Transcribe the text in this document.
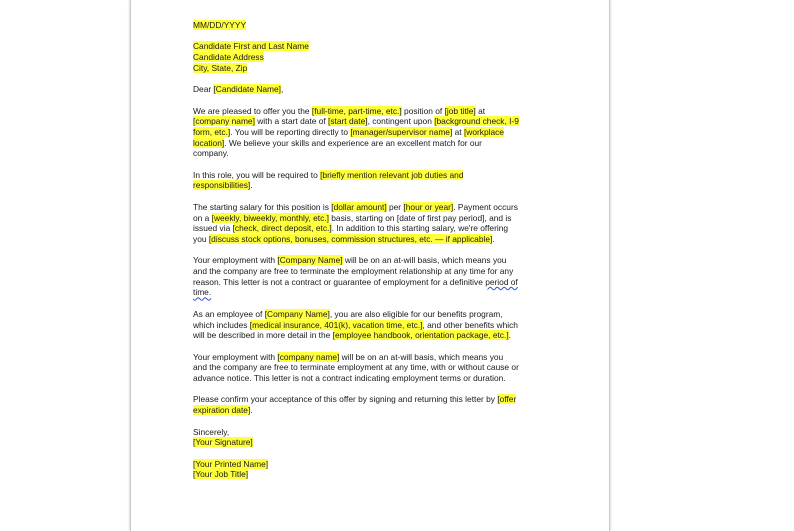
MM/DD/YYYY

Candidate First and Last Name

Candidate Address

City, State, Zip

Dear [Candidate Name],

We are pleased to offer you the [full-time, part-time, etc.] position of [job title] at

[company name] with a start date of [start date], contingent upon [background check, I-9

form, etc.]. You will be reporting directly to [manager/supervisor name] at [workplace

location]. We believe your skills and experience are an excellent match for our

company.

In this role, you will be required to [briefly mention relevant job duties and

responsibilities].

The starting salary for this position is [dollar amount] per [hour or year]. Payment occurs

on a [weekly, biweekly, monthly, etc.] basis, starting on [date of first pay period], and is

issued via [check, direct deposit, etc.]. In addition to this starting salary, we're offering

you [discuss stock options, bonuses, commission structures, etc. — if applicable].

Your employment with [Company Name] will be on an at-will basis, which means you

and the company are free to terminate the employment relationship at any time for any

reason. This letter is not a contract or guarantee of employment for a definitive period of

time.

As an employee of [Company Name], you are also eligible for our benefits program,

which includes [medical insurance, 401(k), vacation time, etc.], and other benefits which

will be described in more detail in the [employee handbook, orientation package, etc.].

Your employment with [company name] will be on an at-will basis, which means you

and the company are free to terminate employment at any time, with or without cause or

advance notice. This letter is not a contract indicating employment terms or duration.

Please confirm your acceptance of this offer by signing and returning this letter by [offer

expiration date].

Sincerely,

[Your Signature]

[Your Printed Name]

[Your Job Title]
